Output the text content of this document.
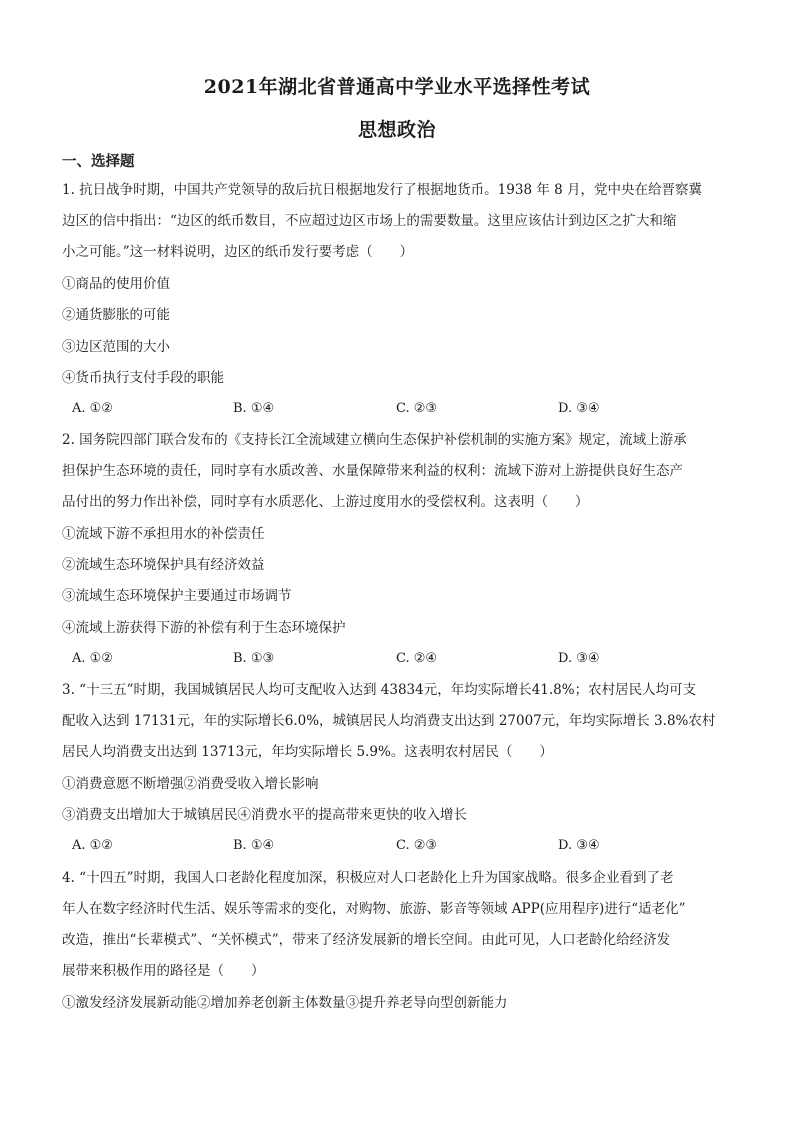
2021年湖北省普通高中学业水平选择性考试
思想政治
一、选择题
1. 抗日战争时期，中国共产党领导的敌后抗日根据地发行了根据地货币。1938 年 8 月，党中央在给晋察冀
边区的信中指出：“边区的纸币数目，不应超过边区市场上的需要数量。这里应该估计到边区之扩大和缩
小之可能。”这一材料说明，边区的纸币发行要考虑（　　）
①商品的使用价值
②通货膨胀的可能
③边区范围的大小
④货币执行支付手段的职能
A. ①②	B. ①④	C. ②③	D. ③④
2. 国务院四部门联合发布的《支持长江全流域建立横向生态保护补偿机制的实施方案》规定，流域上游承
担保护生态环境的责任，同时享有水质改善、水量保障带来利益的权利：流域下游对上游提供良好生态产
品付出的努力作出补偿，同时享有水质恶化、上游过度用水的受偿权利。这表明（　　）
①流域下游不承担用水的补偿责任
②流域生态环境保护具有经济效益
③流域生态环境保护主要通过市场调节
④流域上游获得下游的补偿有利于生态环境保护
A. ①②	B. ①③	C. ②④	D. ③④
3. “十三五”时期，我国城镇居民人均可支配收入达到 43834元，年均实际增长41.8%；农村居民人均可支
配收入达到 17131元，年的实际增长6.0%，城镇居民人均消费支出达到 27007元，年均实际增长 3.8%农村
居民人均消费支出达到 13713元，年均实际增长 5.9%。这表明农村居民（　　）
①消费意愿不断增强②消费受收入增长影响
③消费支出增加大于城镇居民④消费水平的提高带来更快的收入增长
A. ①②	B. ①④	C. ②③	D. ③④
4. “十四五”时期，我国人口老龄化程度加深，积极应对人口老龄化上升为国家战略。很多企业看到了老
年人在数字经济时代生活、娱乐等需求的变化，对购物、旅游、影音等领域 APP(应用程序)进行“适老化”
改造，推出“长辈模式”、“关怀模式”，带来了经济发展新的增长空间。由此可见，人口老龄化给经济发
展带来积极作用的路径是（　　）
①激发经济发展新动能②增加养老创新主体数量③提升养老导向型创新能力
